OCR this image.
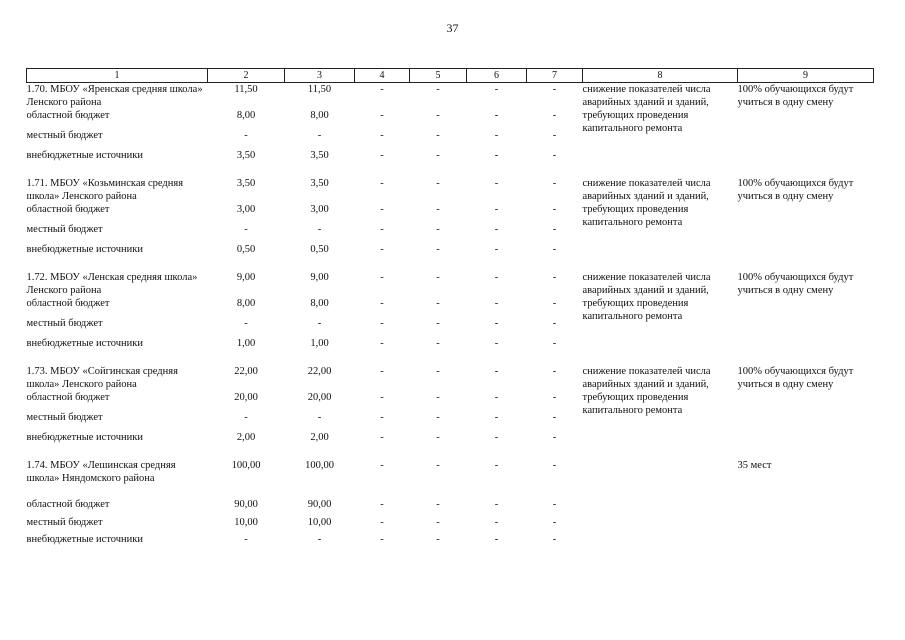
37
1	2	3	4	5	6	7	8	9
1.70. МБОУ «Яренская средняя школа» Ленского района	11,50	11,50	-	-	-	-	снижение показателей числа аварийных зданий и зданий, требующих проведения капитального ремонта	100% обучающихся будут учиться в одну смену
областной бюджет	8,00	8,00	-	-	-	-		
местный бюджет	-	-	-	-	-	-		
внебюджетные источники	3,50	3,50	-	-	-	-		

1.71. МБОУ «Козьминская средняя школа» Ленского района	3,50	3,50	-	-	-	-	снижение показателей числа аварийных зданий и зданий, требующих проведения капитального ремонта	100% обучающихся будут учиться в одну смену
областной бюджет	3,00	3,00	-	-	-	-		
местный бюджет	-	-	-	-	-	-		
внебюджетные источники	0,50	0,50	-	-	-	-		

1.72. МБОУ «Ленская средняя школа» Ленского района	9,00	9,00	-	-	-	-	снижение показателей числа аварийных зданий и зданий, требующих проведения капитального ремонта	100% обучающихся будут учиться в одну смену
областной бюджет	8,00	8,00	-	-	-	-		
местный бюджет	-	-	-	-	-	-		
внебюджетные источники	1,00	1,00	-	-	-	-		

1.73. МБОУ «Сойгинская средняя школа» Ленского района	22,00	22,00	-	-	-	-	снижение показателей числа аварийных зданий и зданий, требующих проведения капитального ремонта	100% обучающихся будут учиться в одну смену
областной бюджет	20,00	20,00	-	-	-	-		
местный бюджет	-	-	-	-	-	-		
внебюджетные источники	2,00	2,00	-	-	-	-		

1.74. МБОУ «Лешинская средняя школа» Няндомского района	100,00	100,00	-	-	-	-		35 мест
областной бюджет	90,00	90,00	-	-	-	-		
местный бюджет	10,00	10,00	-	-	-	-		
внебюджетные источники	-	-	-	-	-	-		
